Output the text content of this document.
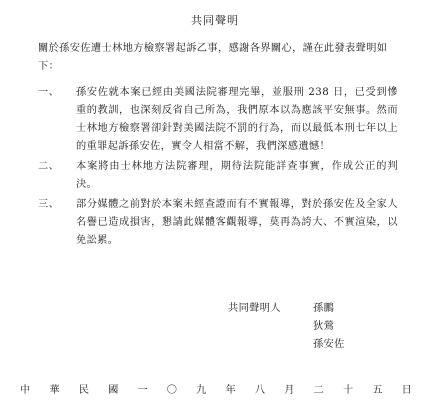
共同聲明
關於孫安佐遭士林地方檢察署起訴乙事，感謝各界關心，謹在此發表聲明如下：
一、	孫安佐就本案已經由美國法院審理完畢，並服刑 238 日，已受到慘重的教訓，也深刻反省自己所為，我們原本以為應該平安無事。然而士林地方檢察署卻針對美國法院不罰的行為，而以最低本刑七年以上的重罪起訴孫安佐，實令人相當不解，我們深感遺憾！
二、	本案將由士林地方法院審理，期待法院能詳查事實，作成公正的判決。
三、	部分媒體之前對於本案未經查證而有不實報導，對於孫安佐及全家人名譽已造成損害，懇請此媒體客觀報導，莫再為誇大、不實渲染，以免訟累。
共同聲明人	孫鵬
狄鶯
孫安佐
中 華 民 國 一 〇 九 年 八 月 二 十 五 日
